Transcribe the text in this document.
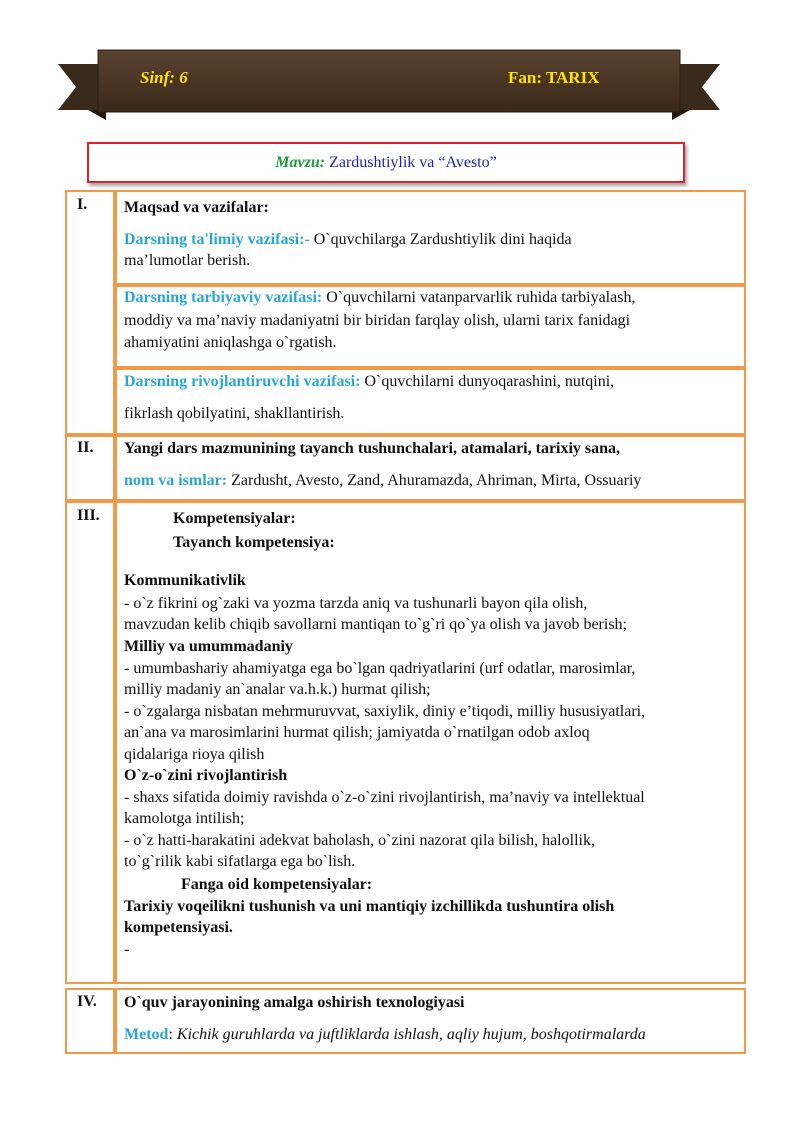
Sinf: 6	Fan: TARIX
Mavzu: Zardushtiylik va “Avesto”
I. Maqsad va vazifalar:
Darsning ta'limiy vazifasi:- O`quvchilarga Zardushtiylik dini haqida
ma’lumotlar berish.
Darsning tarbiyaviy vazifasi: O`quvchilarni vatanparvarlik ruhida tarbiyalash,
moddiy va ma’naviy madaniyatni bir biridan farqlay olish, ularni tarix fanidagi
ahamiyatini aniqlashga o`rgatish.
Darsning rivojlantiruvchi vazifasi: O`quvchilarni dunyoqarashini, nutqini,
fikrlash qobilyatini, shakllantirish.
II. Yangi dars mazmunining tayanch tushunchalari, atamalari, tarixiy sana,
nom va ismlar: Zardusht, Avesto, Zand, Ahuramazda, Ahriman, Mirta, Ossuariy
III.	Kompetensiyalar:
Tayanch kompetensiya:
Kommunikativlik
- o`z fikrini og`zaki va yozma tarzda aniq va tushunarli bayon qila olish,
mavzudan kelib chiqib savollarni mantiqan to`g`ri qo`ya olish va javob berish;
Milliy va umummadaniy
- umumbashariy ahamiyatga ega bo`lgan qadriyatlarini (urf odatlar, marosimlar,
milliy madaniy an`analar va.h.k.) hurmat qilish;
- o`zgalarga nisbatan mehrmuruvvat, saxiylik, diniy e’tiqodi, milliy hususiyatlari,
an`ana va marosimlarini hurmat qilish; jamiyatda o`rnatilgan odob axloq
qidalariga rioya qilish
O`z-o`zini rivojlantirish
- shaxs sifatida doimiy ravishda o`z-o`zini rivojlantirish, ma’naviy va intellektual
kamolotga intilish;
- o`z hatti-harakatini adekvat baholash, o`zini nazorat qila bilish, halollik,
to`g`rilik kabi sifatlarga ega bo`lish.
Fanga oid kompetensiyalar:
Tarixiy voqeilikni tushunish va uni mantiqiy izchillikda tushuntira olish
kompetensiyasi.
-
IV. O`quv jarayonining amalga oshirish texnologiyasi
Metod: Kichik guruhlarda va juftliklarda ishlash, aqliy hujum, boshqotirmalarda
